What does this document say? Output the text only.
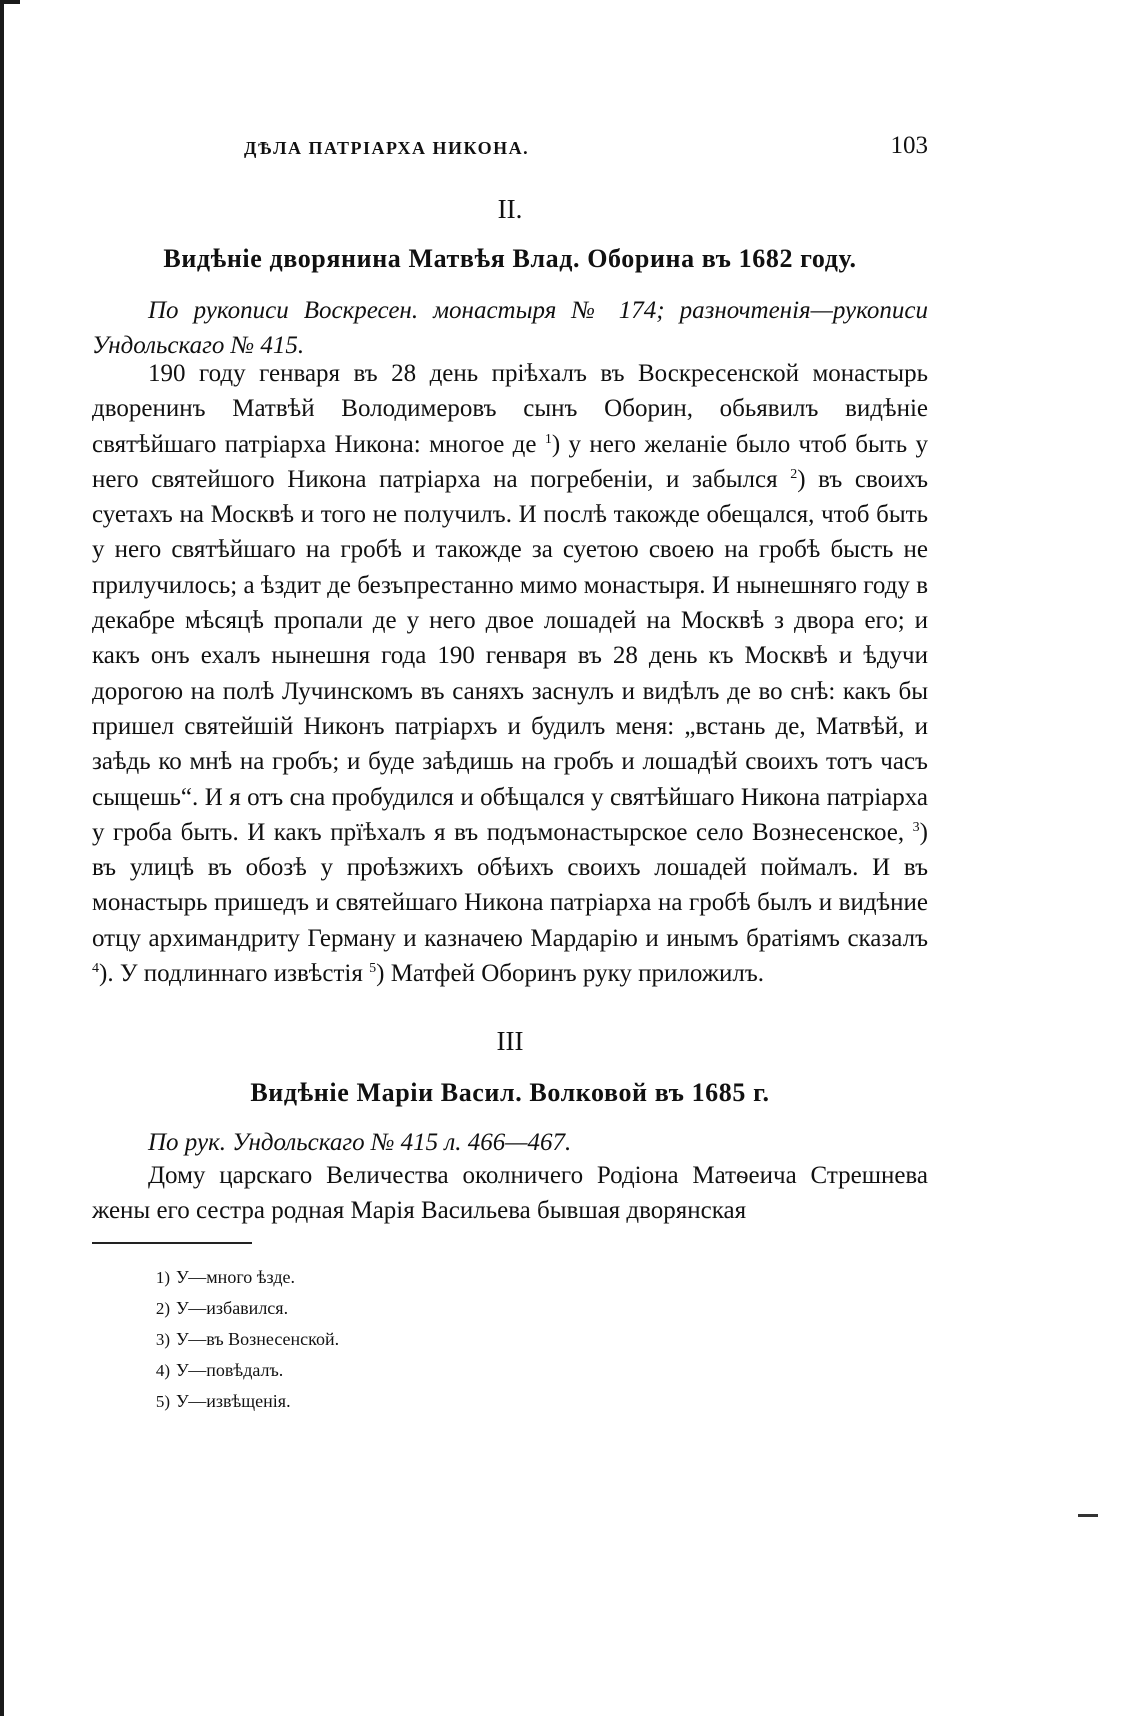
ДѢЛА ПАТРІАРХА НИКОНА.	103
II.
Видѣніе дворянина Матвѣя Влад. Оборина въ 1682 году.

По рукописи Воскресен. монастыря № 174; разночтенія—рукописи Ундольскаго № 415.

190 году генваря въ 28 день пріѣхалъ въ Воскресенской монастырь дворенинъ Матвѣй Володимеровъ сынъ Оборин, обьявилъ видѣніе святѣйшаго патріарха Никона: многое де $^1$) у него желаніе было чтоб быть у него святейшого Никона патріарха на погребеніи, и забылся $^2$) въ своихъ суетахъ на Москвѣ и того не получилъ. И послѣ такожде обещался, чтоб быть у него святѣйшаго на гробѣ и такожде за суетою своею на гробѣ бысть не прилучилось; а ѣздит де безъпрестанно мимо монастыря. И нынешняго году в декабре мѣсяцѣ пропали де у него двое лошадей на Москвѣ з двора его; и какъ онъ ехалъ нынешня года 190 генваря въ 28 день къ Москвѣ и ѣдучи дорогою на полѣ Лучинскомъ въ саняхъ заснулъ и видѣлъ де во снѣ: какъ бы пришел святейшій Никонъ патріархъ и будилъ меня: „встань де, Матвѣй, и заѣдь ко мнѣ на гробъ; и буде заѣдишь на гробъ и лошадѣй своихъ тотъ часъ сыщешь“. И я отъ сна пробудился и обѣщался у святѣйшаго Никона патріарха у гроба быть. И какъ прїѣхалъ я въ подъмонастырское село Вознесенское, $^3$) въ улицѣ въ обозѣ у проѣзжихъ обѣихъ своихъ лошадей поймалъ. И въ монастырь пришедъ и святейшаго Никона патріарха на гробѣ былъ и видѣние отцу архимандриту Герману и казначею Мардарію и инымъ братіямъ сказалъ $^4$). У подлиннаго извѣстія $^5$) Матфей Оборинъ руку приложилъ.

III
Видѣніе Маріи Васил. Волковой въ 1685 г.

По рук. Ундольскаго № 415 л. 466—467.

Дому царскаго Величества околничего Родіона Матѳеича Стрешнева жены его сестра родная Марія Васильева бывшая дворянская

1) У—много ѣзде.
2) У—избавился.
3) У—въ Вознесенской.
4) У—повѣдалъ.
5) У—извѣщенія.
